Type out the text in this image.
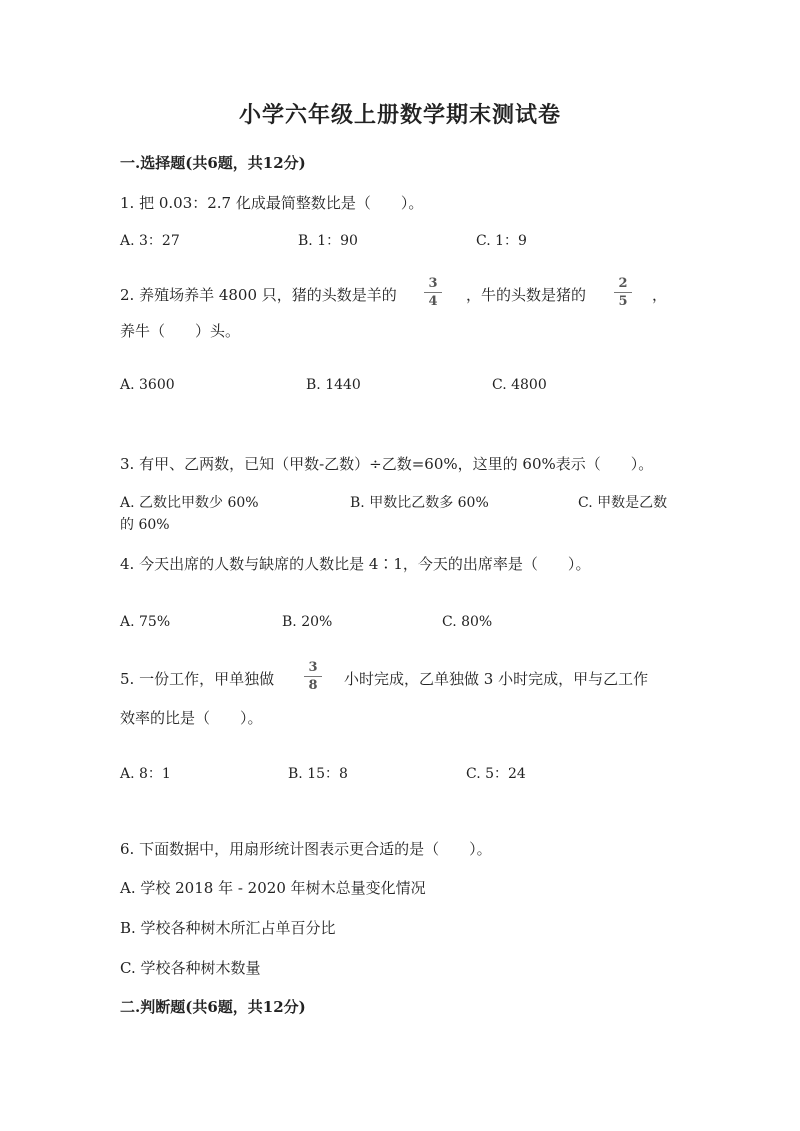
小学六年级上册数学期末测试卷
一.选择题(共6题，共12分)
1. 把 0.03：2.7 化成最简整数比是（　　）。
A. 3：27	B. 1：90	C. 1：9
2. 养殖场养羊 4800 只，猪的头数是羊的
3
4	，牛的头数是猪的
2
5	，
养牛（　　）头。
A. 3600	B. 1440	C. 4800
3. 有甲、乙两数，已知（甲数-乙数）÷乙数=60%，这里的 60%表示（　　）。
A. 乙数比甲数少 60%	B. 甲数比乙数多 60%	C. 甲数是乙数
的 60%
4. 今天出席的人数与缺席的人数比是 4∶1，今天的出席率是（　　）。
A. 75%	B. 20%	C. 80%
5. 一份工作，甲单独做
3
8	小时完成，乙单独做 3 小时完成，甲与乙工作
效率的比是（　　）。
A. 8：1	B. 15：8	C. 5：24
6. 下面数据中，用扇形统计图表示更合适的是（　　）。
A. 学校 2018 年 - 2020 年树木总量变化情况
B. 学校各种树木所汇占单百分比
C. 学校各种树木数量
二.判断题(共6题，共12分)
